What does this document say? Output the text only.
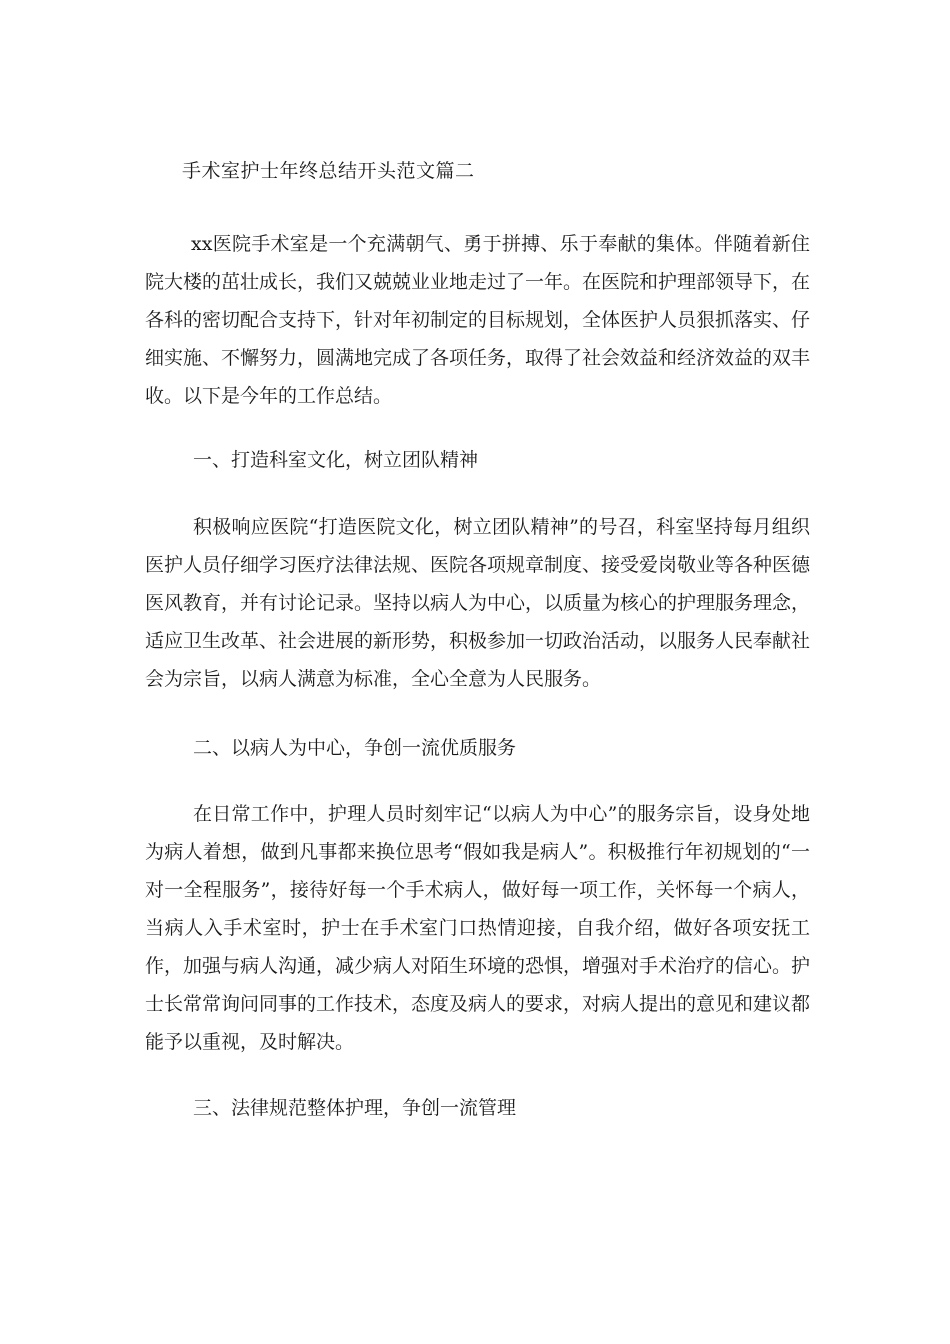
手术室护士年终总结开头范文篇二
xx医院手术室是一个充满朝气、勇于拼搏、乐于奉献的集体。伴随着新住院大楼的茁壮成长，我们又兢兢业业地走过了一年。在医院和护理部领导下，在各科的密切配合支持下，针对年初制定的目标规划，全体医护人员狠抓落实、仔细实施、不懈努力，圆满地完成了各项任务，取得了社会效益和经济效益的双丰收。以下是今年的工作总结。
一、打造科室文化，树立团队精神
积极响应医院“打造医院文化，树立团队精神”的号召，科室坚持每月组织医护人员仔细学习医疗法律法规、医院各项规章制度、接受爱岗敬业等各种医德医风教育，并有讨论记录。坚持以病人为中心，以质量为核心的护理服务理念，适应卫生改革、社会进展的新形势，积极参加一切政治活动，以服务人民奉献社会为宗旨，以病人满意为标准，全心全意为人民服务。
二、以病人为中心，争创一流优质服务
在日常工作中，护理人员时刻牢记“以病人为中心”的服务宗旨，设身处地为病人着想，做到凡事都来换位思考“假如我是病人”。积极推行年初规划的“一对一全程服务”，接待好每一个手术病人，做好每一项工作，关怀每一个病人，当病人入手术室时，护士在手术室门口热情迎接，自我介绍，做好各项安抚工作，加强与病人沟通，减少病人对陌生环境的恐惧，增强对手术治疗的信心。护士长常常询问同事的工作技术，态度及病人的要求，对病人提出的意见和建议都能予以重视，及时解决。
三、法律规范整体护理，争创一流管理
